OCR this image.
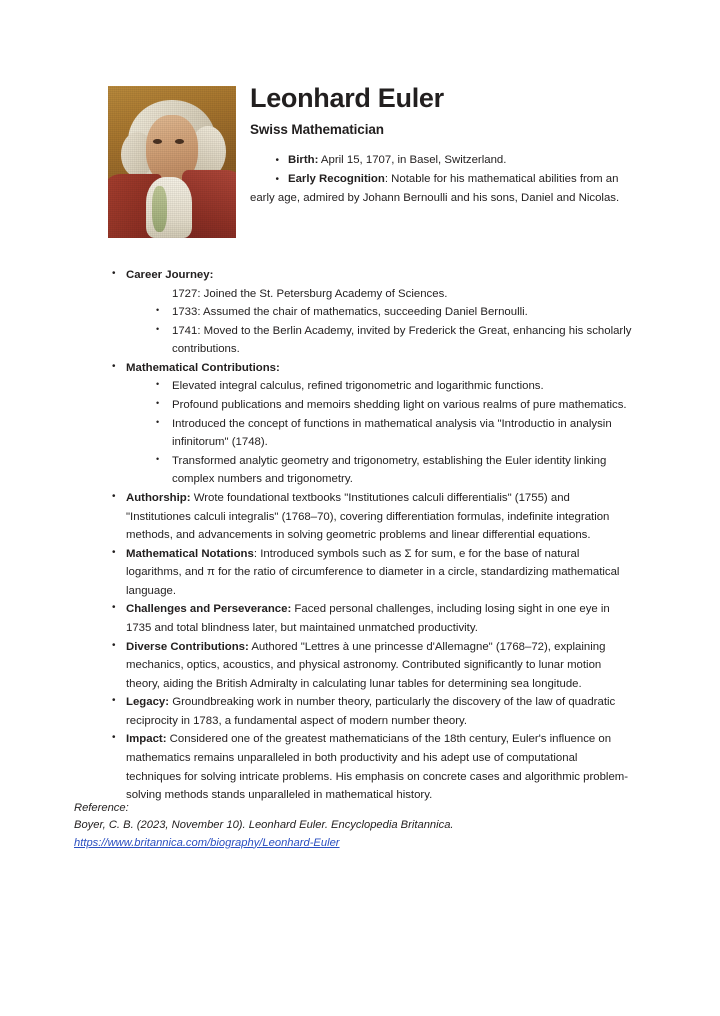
Leonhard Euler
Swiss Mathematician
•Birth: April 15, 1707, in Basel, Switzerland.
•Early Recognition: Notable for his mathematical abilities from an early age, admired by Johann Bernoulli and his sons, Daniel and Nicolas.
•
Career Journey:
1727: Joined the St. Petersburg Academy of Sciences.
•
1733: Assumed the chair of mathematics, succeeding Daniel Bernoulli.
•
1741: Moved to the Berlin Academy, invited by Frederick the Great, enhancing his scholarly contributions.
•
Mathematical Contributions:
•
Elevated integral calculus, refined trigonometric and logarithmic functions.
•
Profound publications and memoirs shedding light on various realms of pure mathematics.
•
Introduced the concept of functions in mathematical analysis via "Introductio in analysin infinitorum" (1748).
•
Transformed analytic geometry and trigonometry, establishing the Euler identity linking complex numbers and trigonometry.
•
Authorship: Wrote foundational textbooks "Institutiones calculi differentialis" (1755) and "Institutiones calculi integralis" (1768–70), covering differentiation formulas, indefinite integration methods, and advancements in solving geometric problems and linear differential equations.
•
Mathematical Notations: Introduced symbols such as Σ for sum, e for the base of natural logarithms, and π for the ratio of circumference to diameter in a circle, standardizing mathematical language.
•
Challenges and Perseverance: Faced personal challenges, including losing sight in one eye in 1735 and total blindness later, but maintained unmatched productivity.
•
Diverse Contributions: Authored "Lettres à une princesse d'Allemagne" (1768–72), explaining mechanics, optics, acoustics, and physical astronomy. Contributed significantly to lunar motion theory, aiding the British Admiralty in calculating lunar tables for determining sea longitude.
•
Legacy: Groundbreaking work in number theory, particularly the discovery of the law of quadratic reciprocity in 1783, a fundamental aspect of modern number theory.
•
Impact: Considered one of the greatest mathematicians of the 18th century, Euler's influence on mathematics remains unparalleled in both productivity and his adept use of computational techniques for solving intricate problems. His emphasis on concrete cases and algorithmic problem-solving methods stands unparalleled in mathematical history.
Reference:
Boyer, C. B. (2023, November 10). Leonhard Euler. Encyclopedia Britannica.
https://www.britannica.com/biography/Leonhard-Euler
